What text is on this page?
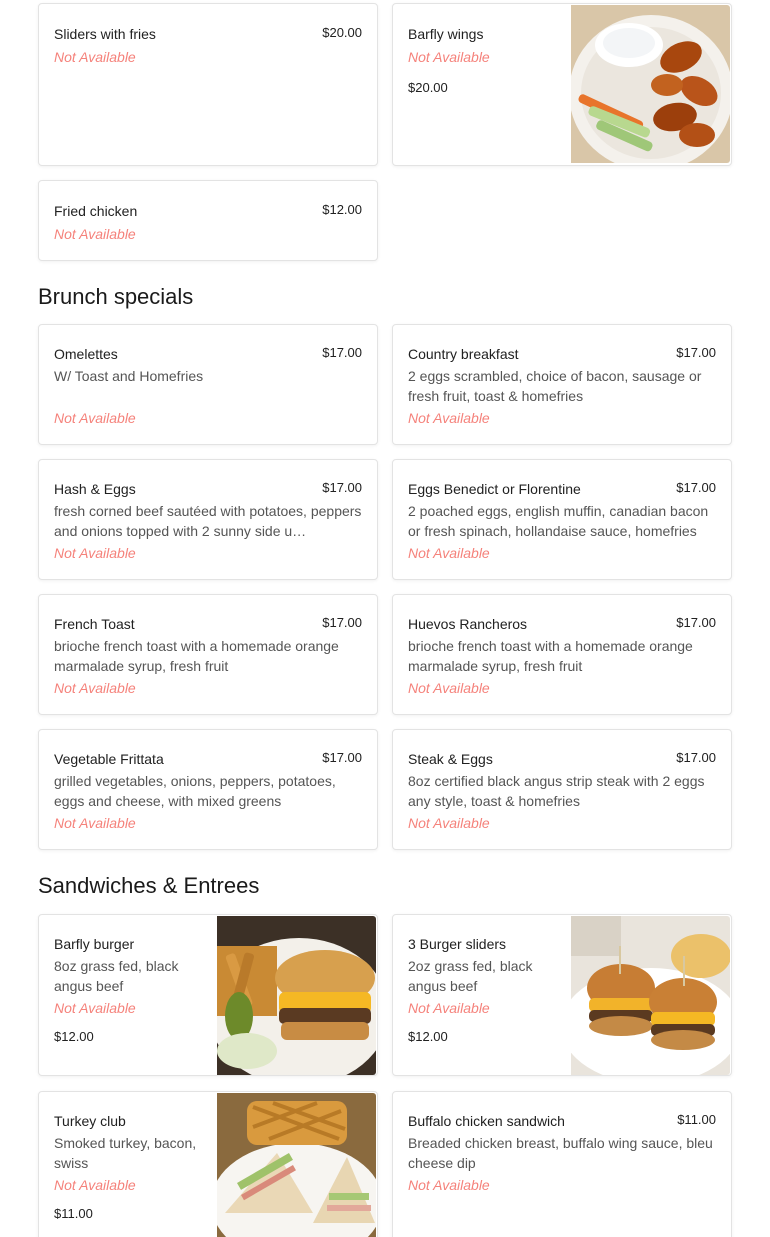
Sliders with fries	$20.00
Not Available
Barfly wings
Not Available
$20.00
Fried chicken	$12.00
Not Available
Brunch specials
Omelettes	$17.00
W/ Toast and Homefries
Not Available
Country breakfast	$17.00
2 eggs scrambled, choice of bacon, sausage or fresh fruit, toast & homefries
Not Available
Hash & Eggs	$17.00
fresh corned beef sautéed with potatoes, peppers and onions topped with 2 sunny side u…
Not Available
Eggs Benedict or Florentine	$17.00
2 poached eggs, english muffin, canadian bacon or fresh spinach, hollandaise sauce, homefries
Not Available
French Toast	$17.00
brioche french toast with a homemade orange marmalade syrup, fresh fruit
Not Available
Huevos Rancheros	$17.00
brioche french toast with a homemade orange marmalade syrup, fresh fruit
Not Available
Vegetable Frittata	$17.00
grilled vegetables, onions, peppers, potatoes, eggs and cheese, with mixed greens
Not Available
Steak & Eggs	$17.00
8oz certified black angus strip steak with 2 eggs any style, toast & homefries
Not Available
Sandwiches & Entrees
Barfly burger
8oz grass fed, black angus beef
Not Available
$12.00
3 Burger sliders
2oz grass fed, black angus beef
Not Available
$12.00
Turkey club
Smoked turkey, bacon, swiss
Not Available
$11.00
Buffalo chicken sandwich	$11.00
Breaded chicken breast, buffalo wing sauce, bleu cheese dip
Not Available
